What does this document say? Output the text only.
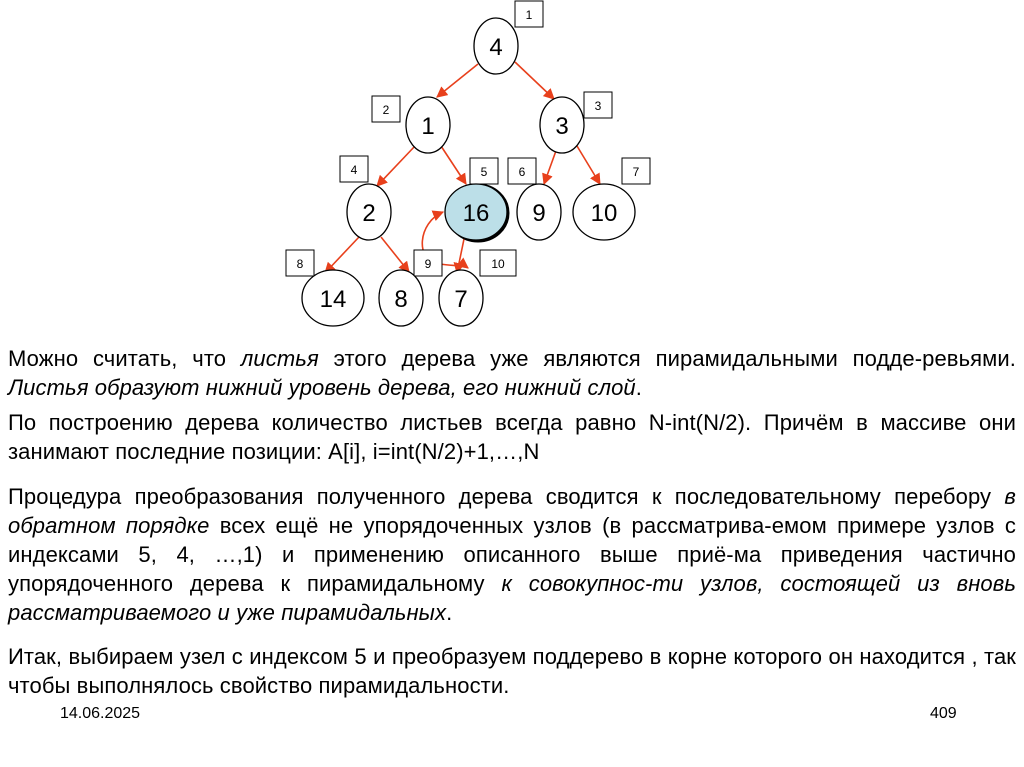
1
2	3
4	5	6	7
8	9	10
4
1	3
2	16 9 10
14 8 7
Можно считать, что листья этого дерева уже являются пирамидальными подде-ревьями. Листья образуют нижний уровень дерева, его нижний слой.
По построению дерева количество листьев всегда равно N-int(N/2). Причём в массиве они занимают последние позиции: A[i], i=int(N/2)+1,…,N
Процедура преобразования полученного дерева сводится к последовательному перебору в обратном порядке всех ещё не упорядоченных узлов (в рассматрива-емом примере узлов с индексами 5, 4, …,1) и применению описанного выше приё-ма приведения частично упорядоченного дерева к пирамидальному к совокупнос-ти узлов, состоящей из вновь рассматриваемого и уже пирамидальных.
Итак, выбираем узел с индексом 5 и преобразуем поддерево в корне которого он находится , так чтобы выполнялось свойство пирамидальности.
14.06.2025	409
